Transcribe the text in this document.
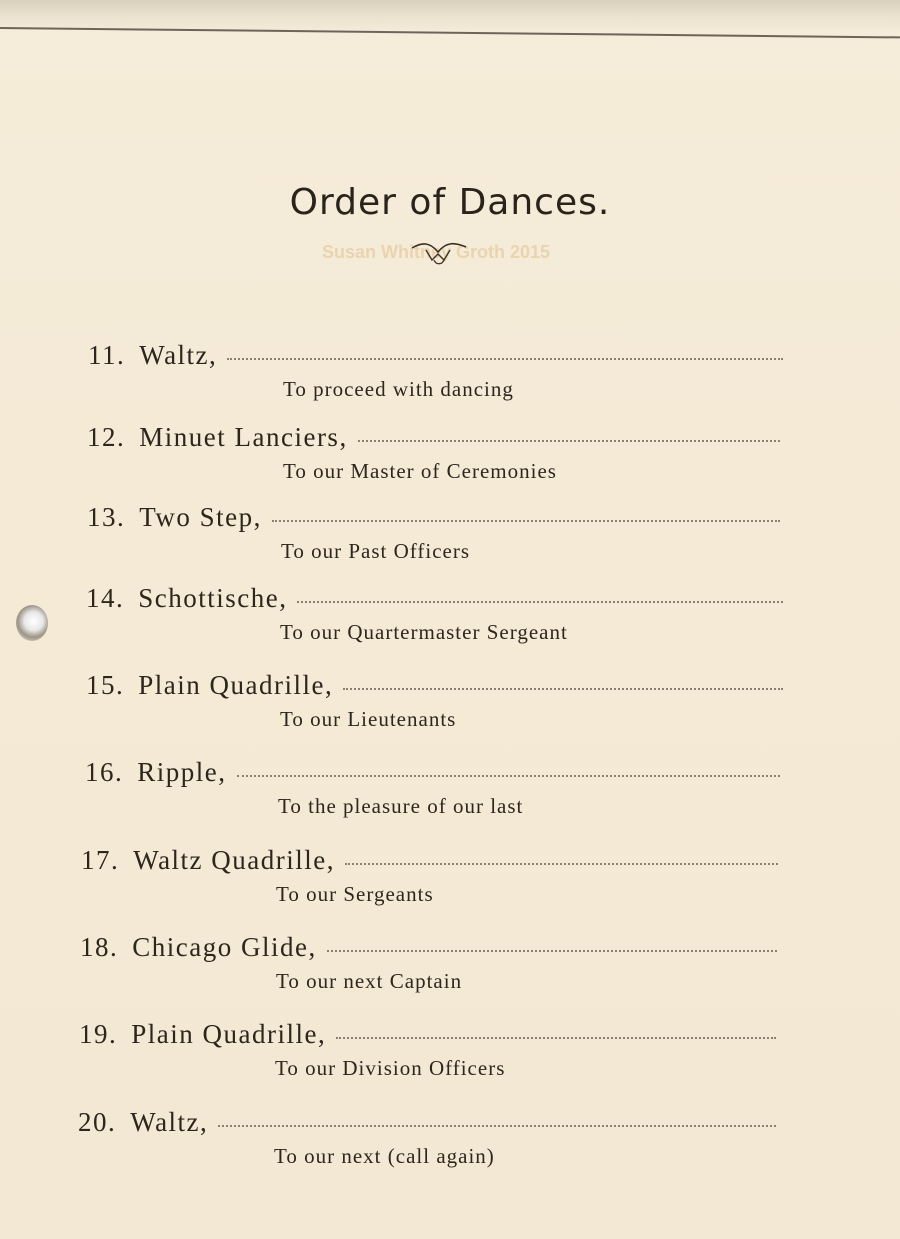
Order of Dances.
Susan Whitney Groth 2015
11. Waltz,
To proceed with dancing
12. Minuet Lanciers,
To our Master of Ceremonies
13. Two Step,
To our Past Officers
14. Schottische,
To our Quartermaster Sergeant
15. Plain Quadrille,
To our Lieutenants
16. Ripple,
To the pleasure of our last
17. Waltz Quadrille,
To our Sergeants
18. Chicago Glide,
To our next Captain
19. Plain Quadrille,
To our Division Officers
20. Waltz,
To our next (call again)
